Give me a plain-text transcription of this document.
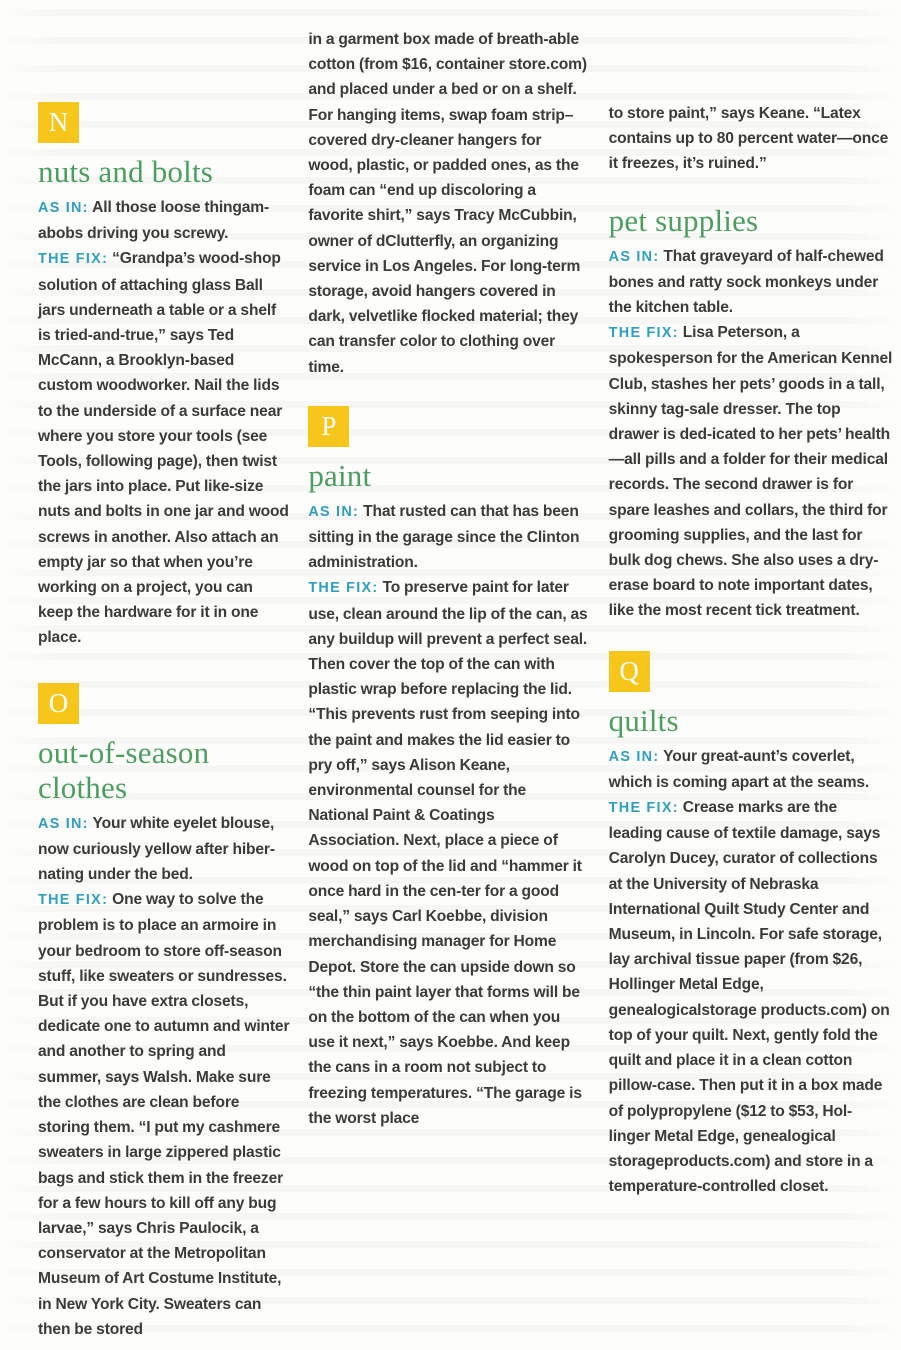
N
nuts and bolts

AS IN: All those loose thingam-abobs driving you screwy.

THE FIX: “Grandpa’s wood-shop solution of attaching glass Ball jars underneath a table or a shelf is tried-and-true,” says Ted McCann, a Brooklyn-based custom woodworker. Nail the lids to the underside of a surface near where you store your tools (see Tools, following page), then twist the jars into place. Put like-size nuts and bolts in one jar and wood screws in another. Also attach an empty jar so that when you’re working on a project, you can keep the hardware for it in one place.

O
out-of-season clothes

AS IN: Your white eyelet blouse, now curiously yellow after hiber-nating under the bed.

THE FIX: One way to solve the problem is to place an armoire in your bedroom to store off-season stuff, like sweaters or sundresses. But if you have extra closets, dedicate one to autumn and winter and another to spring and summer, says Walsh. Make sure the clothes are clean before storing them. “I put my cashmere sweaters in large zippered plastic bags and stick them in the freezer for a few hours to kill off any bug larvae,” says Chris Paulocik, a conservator at the Metropolitan Museum of Art Costume Institute, in New York City. Sweaters can then be stored

in a garment box made of breath-able cotton (from $16, container store.com) and placed under a bed or on a shelf. For hanging items, swap foam strip–covered dry-cleaner hangers for wood, plastic, or padded ones, as the foam can “end up discoloring a favorite shirt,” says Tracy McCubbin, owner of dClutterfly, an organizing service in Los Angeles. For long-term storage, avoid hangers covered in dark, velvetlike flocked material; they can transfer color to clothing over time.

P
paint

AS IN: That rusted can that has been sitting in the garage since the Clinton administration.

THE FIX: To preserve paint for later use, clean around the lip of the can, as any buildup will prevent a perfect seal. Then cover the top of the can with plastic wrap before replacing the lid. “This prevents rust from seeping into the paint and makes the lid easier to pry off,” says Alison Keane, environmental counsel for the National Paint & Coatings Association. Next, place a piece of wood on top of the lid and “hammer it once hard in the cen-ter for a good seal,” says Carl Koebbe, division merchandising manager for Home Depot. Store the can upside down so “the thin paint layer that forms will be on the bottom of the can when you use it next,” says Koebbe. And keep the cans in a room not subject to freezing temperatures. “The garage is the worst place

to store paint,” says Keane. “Latex contains up to 80 percent water—once it freezes, it’s ruined.”

pet supplies

AS IN: That graveyard of half-chewed bones and ratty sock monkeys under the kitchen table.

THE FIX: Lisa Peterson, a spokesperson for the American Kennel Club, stashes her pets’ goods in a tall, skinny tag-sale dresser. The top drawer is ded-icated to her pets’ health—all pills and a folder for their medical records. The second drawer is for spare leashes and collars, the third for grooming supplies, and the last for bulk dog chews. She also uses a dry-erase board to note important dates, like the most recent tick treatment.

Q
quilts

AS IN: Your great-aunt’s coverlet, which is coming apart at the seams.

THE FIX: Crease marks are the leading cause of textile damage, says Carolyn Ducey, curator of collections at the University of Nebraska International Quilt Study Center and Museum, in Lincoln. For safe storage, lay archival tissue paper (from $26, Hollinger Metal Edge, genealogicalstorage products.com) on top of your quilt. Next, gently fold the quilt and place it in a clean cotton pillow-case. Then put it in a box made of polypropylene ($12 to $53, Hol-linger Metal Edge, genealogical storageproducts.com) and store in a temperature-controlled closet.
